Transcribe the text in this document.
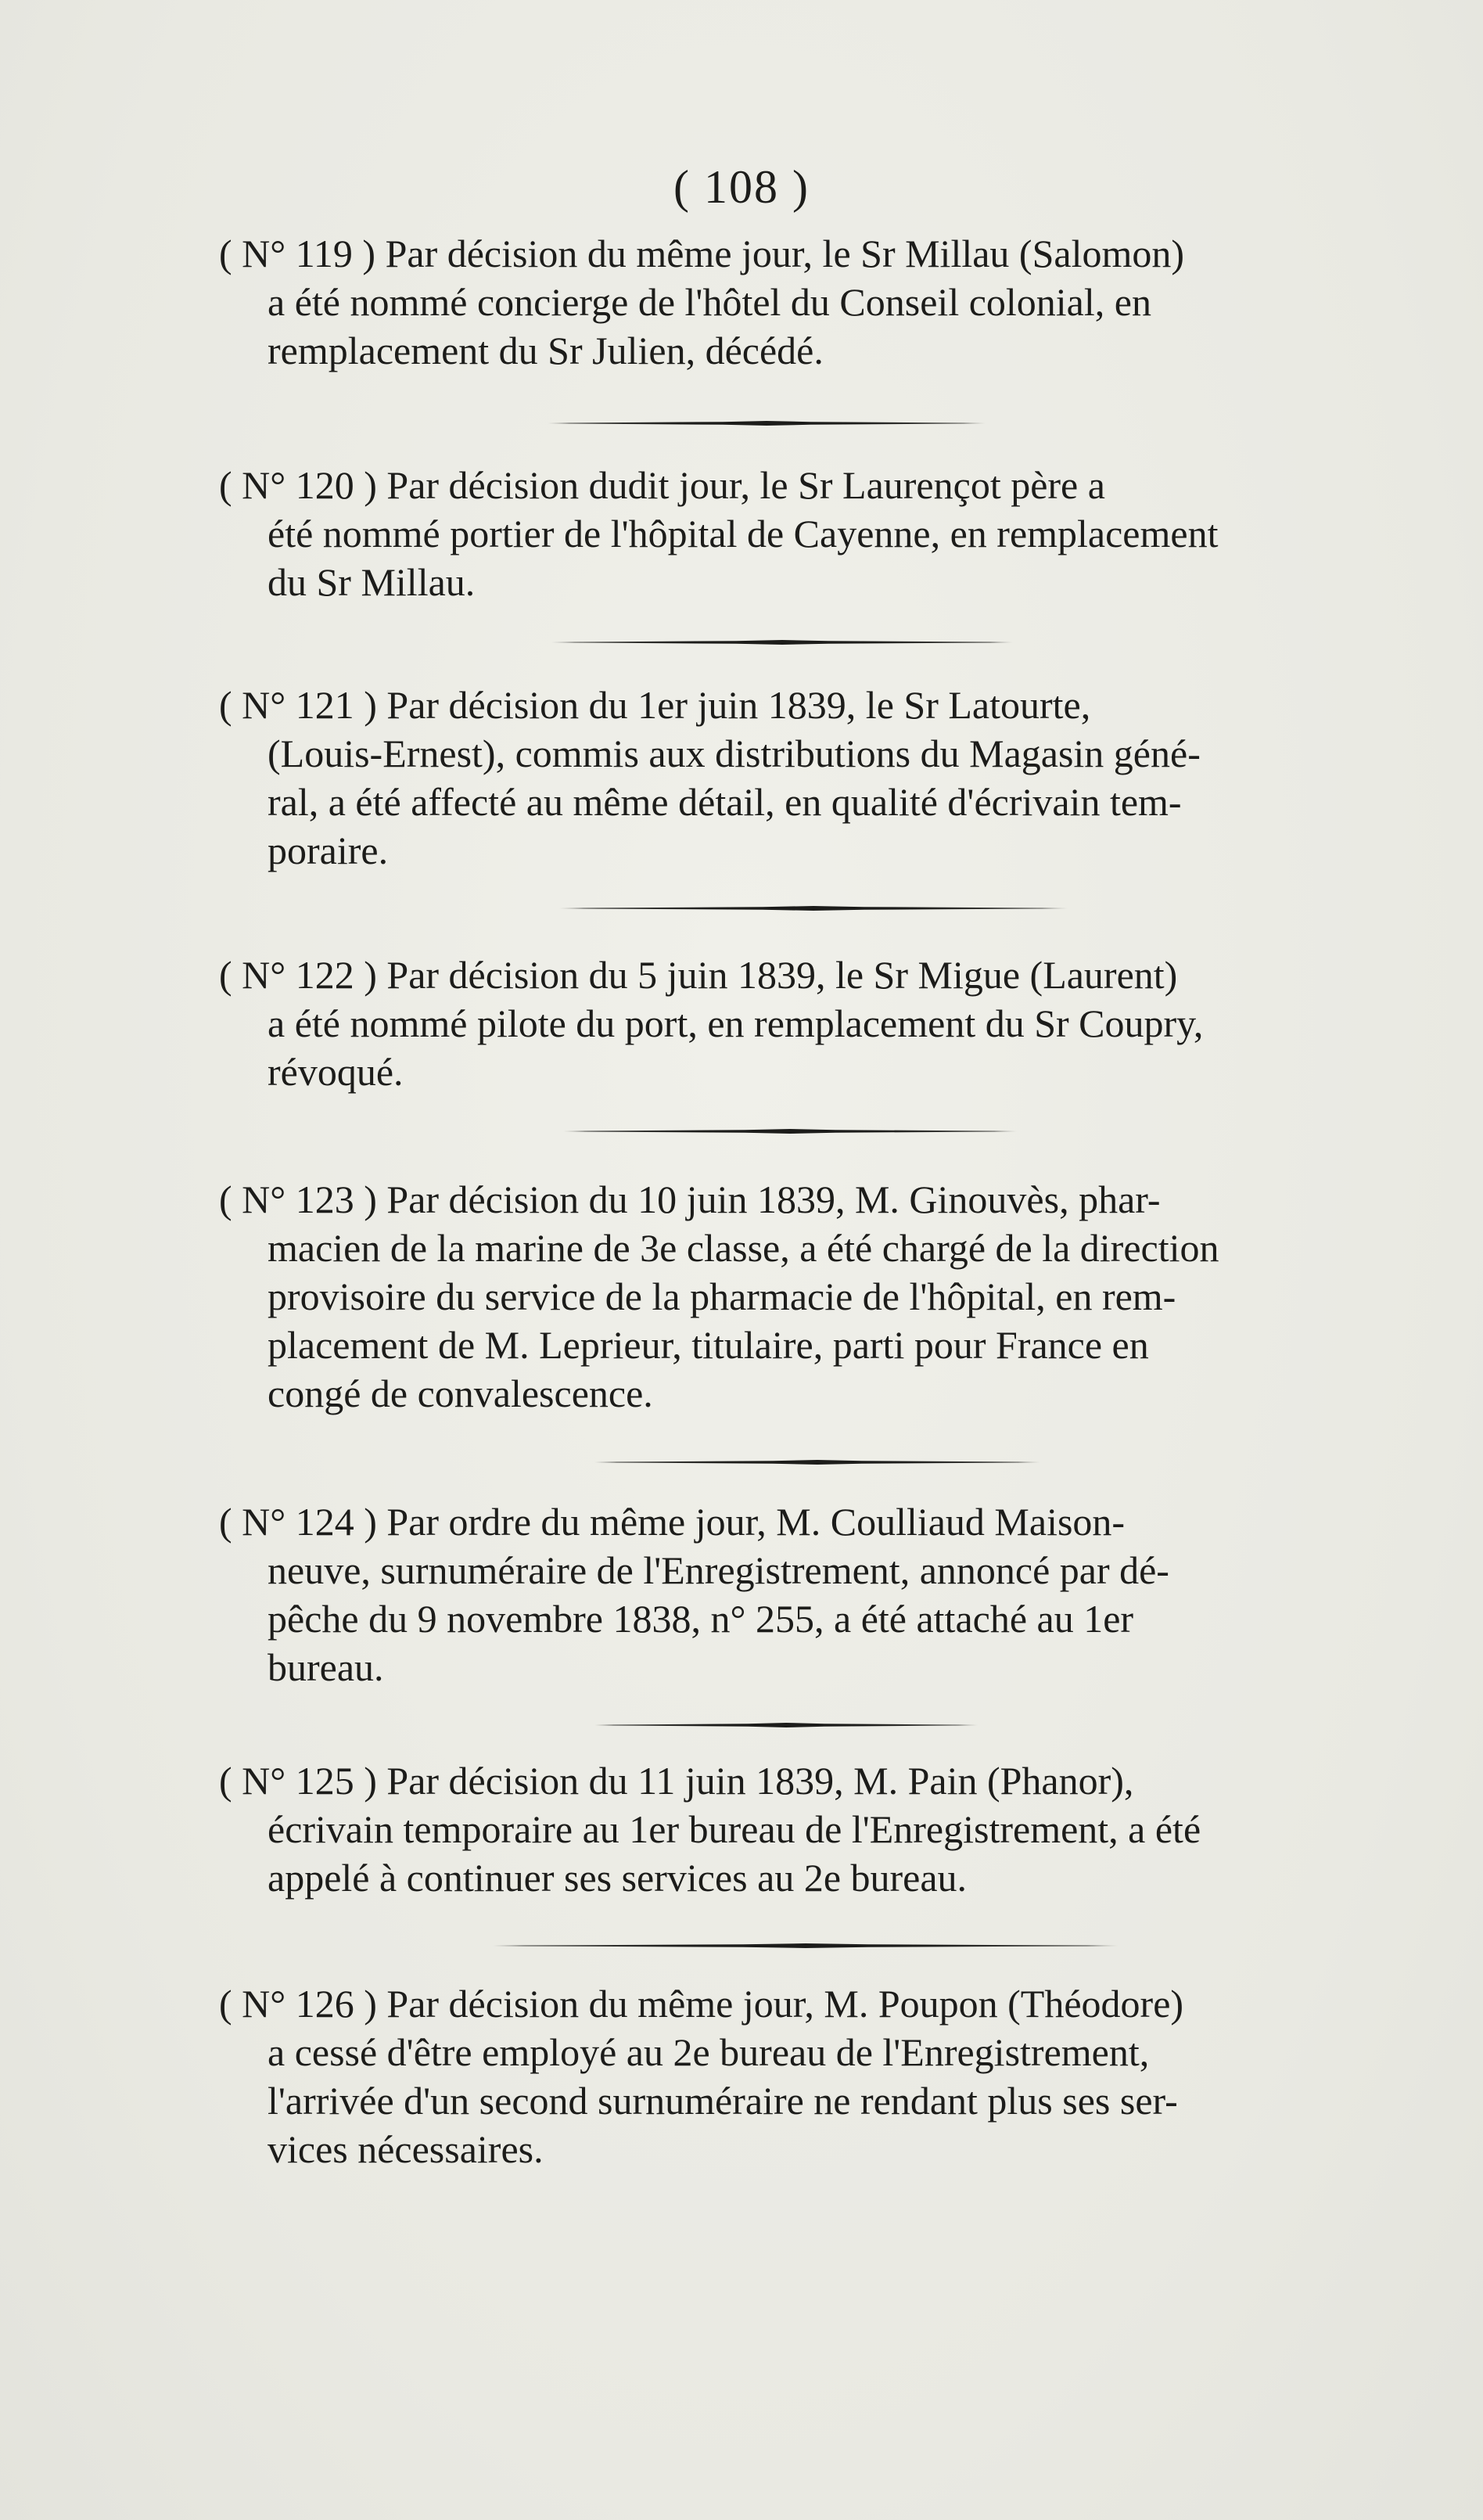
( 108 )
( N° 119 ) Par décision du même jour, le Sr Millau (Salomon)
a été nommé concierge de l'hôtel du Conseil colonial, en
remplacement du Sr Julien, décédé.
( N° 120 ) Par décision dudit jour, le Sr Laurençot père a
été nommé portier de l'hôpital de Cayenne, en remplacement
du Sr Millau.
( N° 121 ) Par décision du 1er juin 1839, le Sr Latourte,
(Louis-Ernest), commis aux distributions du Magasin géné-
ral, a été affecté au même détail, en qualité d'écrivain tem-
poraire.
( N° 122 ) Par décision du 5 juin 1839, le Sr Migue (Laurent)
a été nommé pilote du port, en remplacement du Sr Coupry,
révoqué.
( N° 123 ) Par décision du 10 juin 1839, M. Ginouvès, phar-
macien de la marine de 3e classe, a été chargé de la direction
provisoire du service de la pharmacie de l'hôpital, en rem-
placement de M. Leprieur, titulaire, parti pour France en
congé de convalescence.
( N° 124 ) Par ordre du même jour, M. Coulliaud Maison-
neuve, surnuméraire de l'Enregistrement, annoncé par dé-
pêche du 9 novembre 1838, n° 255, a été attaché au 1er
bureau.
( N° 125 ) Par décision du 11 juin 1839, M. Pain (Phanor),
écrivain temporaire au 1er bureau de l'Enregistrement, a été
appelé à continuer ses services au 2e bureau.
( N° 126 ) Par décision du même jour, M. Poupon (Théodore)
a cessé d'être employé au 2e bureau de l'Enregistrement,
l'arrivée d'un second surnuméraire ne rendant plus ses ser-
vices nécessaires.
